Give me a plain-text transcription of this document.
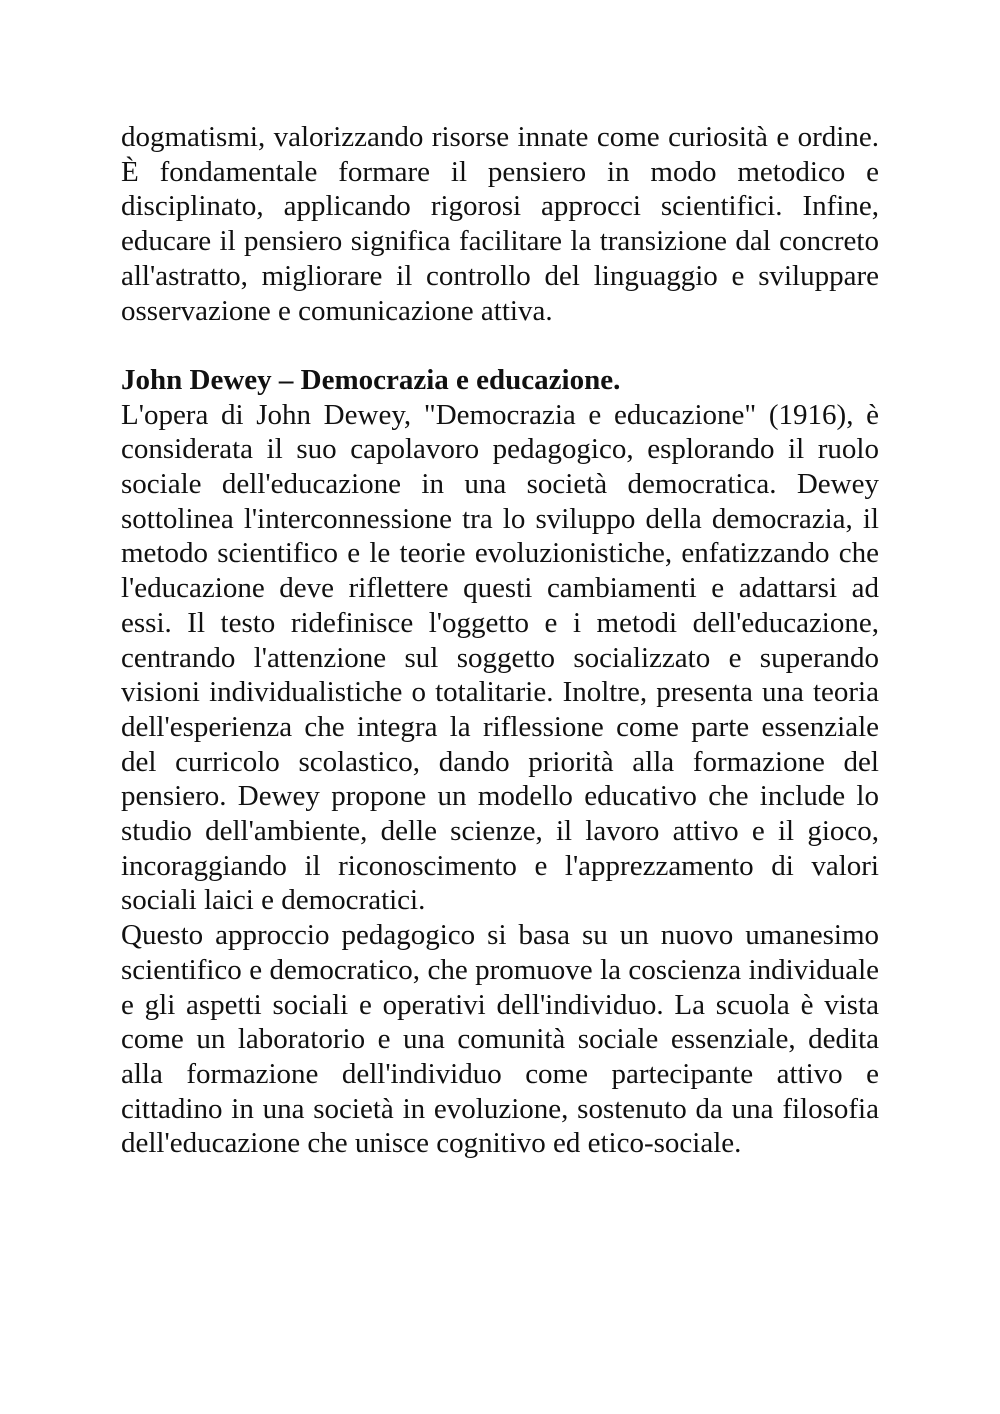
dogmatismi, valorizzando risorse innate come curiosità e ordine. È fondamentale formare il pensiero in modo metodico e disciplinato, applicando rigorosi approcci scientifici. Infine, educare il pensiero significa facilitare la transizione dal concreto all'astratto, migliorare il controllo del linguaggio e sviluppare osservazione e comunicazione attiva.

John Dewey – Democrazia e educazione.

L'opera di John Dewey, "Democrazia e educazione" (1916), è considerata il suo capolavoro pedagogico, esplorando il ruolo sociale dell'educazione in una società democratica. Dewey sottolinea l'interconnessione tra lo sviluppo della democrazia, il metodo scientifico e le teorie evoluzionistiche, enfatizzando che l'educazione deve riflettere questi cambiamenti e adattarsi ad essi. Il testo ridefinisce l'oggetto e i metodi dell'educazione, centrando l'attenzione sul soggetto socializzato e superando visioni individualistiche o totalitarie. Inoltre, presenta una teoria dell'esperienza che integra la riflessione come parte essenziale del curricolo scolastico, dando priorità alla formazione del pensiero. Dewey propone un modello educativo che include lo studio dell'ambiente, delle scienze, il lavoro attivo e il gioco, incoraggiando il riconoscimento e l'apprezzamento di valori sociali laici e democratici.

Questo approccio pedagogico si basa su un nuovo umanesimo scientifico e democratico, che promuove la coscienza individuale e gli aspetti sociali e operativi dell'individuo. La scuola è vista come un laboratorio e una comunità sociale essenziale, dedita alla formazione dell'individuo come partecipante attivo e cittadino in una società in evoluzione, sostenuto da una filosofia dell'educazione che unisce cognitivo ed etico-sociale.
